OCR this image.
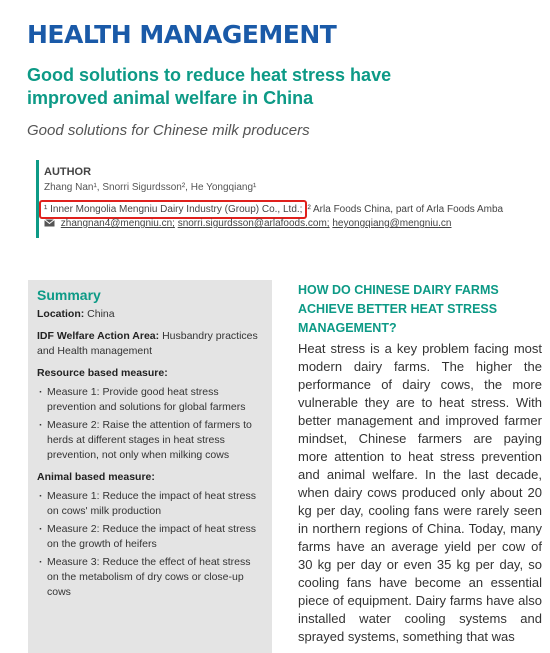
HEALTH MANAGEMENT
Good solutions to reduce heat stress have improved animal welfare in China
Good solutions for Chinese milk producers
AUTHOR
Zhang Nan¹, Snorri Sigurdsson², He Yongqiang¹
¹ Inner Mongolia Mengniu Dairy Industry (Group) Co., Ltd.; ² Arla Foods China, part of Arla Foods Amba
zhangnan4@mengniu.cn; snorri.sigurdsson@arlafoods.com; heyongqiang@mengniu.cn
Summary

Location: China

IDF Welfare Action Area: Husbandry practices and Health management

Resource based measure:
· Measure 1: Provide good heat stress prevention and solutions for global farmers
· Measure 2: Raise the attention of farmers to herds at different stages in heat stress prevention, not only when milking cows
Animal based measure:
· Measure 1: Reduce the impact of heat stress on cows' milk production
· Measure 2: Reduce the impact of heat stress on the growth of heifers
· Measure 3: Reduce the effect of heat stress on the metabolism of dry cows or close-up cows
HOW DO CHINESE DAIRY FARMS ACHIEVE BETTER HEAT STRESS MANAGEMENT?

Heat stress is a key problem facing most modern dairy farms. The higher the performance of dairy cows, the more vulnerable they are to heat stress. With better management and improved farmer mindset, Chinese farmers are paying more attention to heat stress prevention and animal welfare. In the last decade, when dairy cows produced only about 20 kg per day, cooling fans were rarely seen in northern regions of China. Today, many farms have an average yield per cow of 30 kg per day or even 35 kg per day, so cooling fans have become an essential piece of equipment. Dairy farms have also installed water cooling systems and sprayed systems, something that was
